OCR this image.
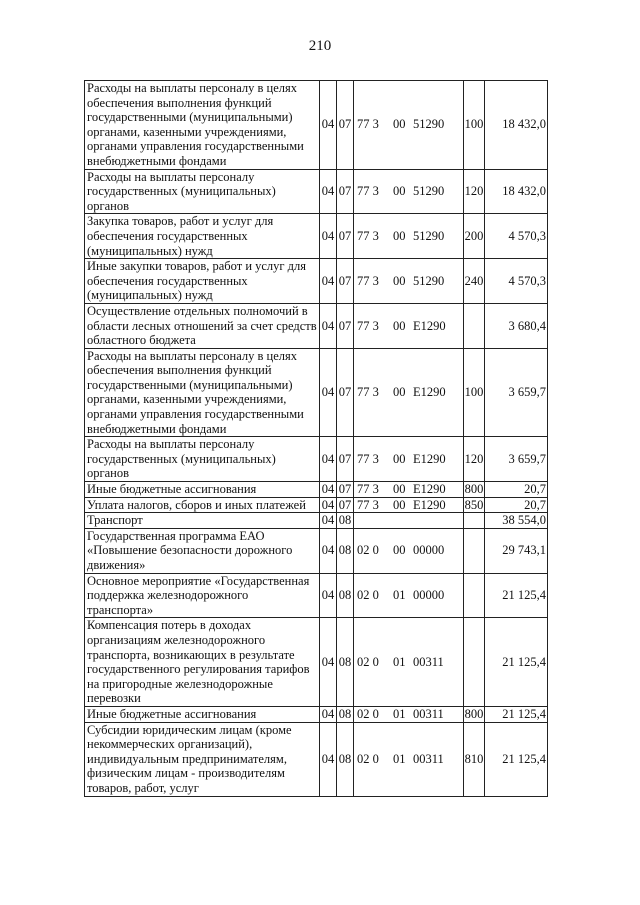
210
Расходы на выплаты персоналу в целях обеспечения выполнения функций государственными (муниципальными) органами, казенными учреждениями, органами управления государственными внебюджетными фондами	04	07	77 3 00 51290	100	18 432,0
Расходы на выплаты персоналу государственных (муниципальных) органов	04	07	77 3 00 51290	120	18 432,0
Закупка товаров, работ и услуг для обеспечения государственных (муниципальных) нужд	04	07	77 3 00 51290	200	4 570,3
Иные закупки товаров, работ и услуг для обеспечения государственных (муниципальных) нужд	04	07	77 3 00 51290	240	4 570,3
Осуществление отдельных полномочий в области лесных отношений за счет средств областного бюджета	04	07	77 3 00 E1290		3 680,4
Расходы на выплаты персоналу в целях обеспечения выполнения функций государственными (муниципальными) органами, казенными учреждениями, органами управления государственными внебюджетными фондами	04	07	77 3 00 E1290	100	3 659,7
Расходы на выплаты персоналу государственных (муниципальных) органов	04	07	77 3 00 E1290	120	3 659,7
Иные бюджетные ассигнования	04	07	77 3 00 E1290	800	20,7
Уплата налогов, сборов и иных платежей	04	07	77 3 00 E1290	850	20,7
Транспорт	04	08			38 554,0
Государственная программа ЕАО «Повышение безопасности дорожного движения»	04	08	02 0 00 00000		29 743,1
Основное мероприятие «Государственная поддержка железнодорожного транспорта»	04	08	02 0 01 00000		21 125,4
Компенсация потерь в доходах организациям железнодорожного транспорта, возникающих в результате государственного регулирования тарифов на пригородные железнодорожные перевозки	04	08	02 0 01 00311		21 125,4
Иные бюджетные ассигнования	04	08	02 0 01 00311	800	21 125,4
Субсидии юридическим лицам (кроме некоммерческих организаций), индивидуальным предпринимателям, физическим лицам - производителям товаров, работ, услуг	04	08	02 0 01 00311	810	21 125,4
